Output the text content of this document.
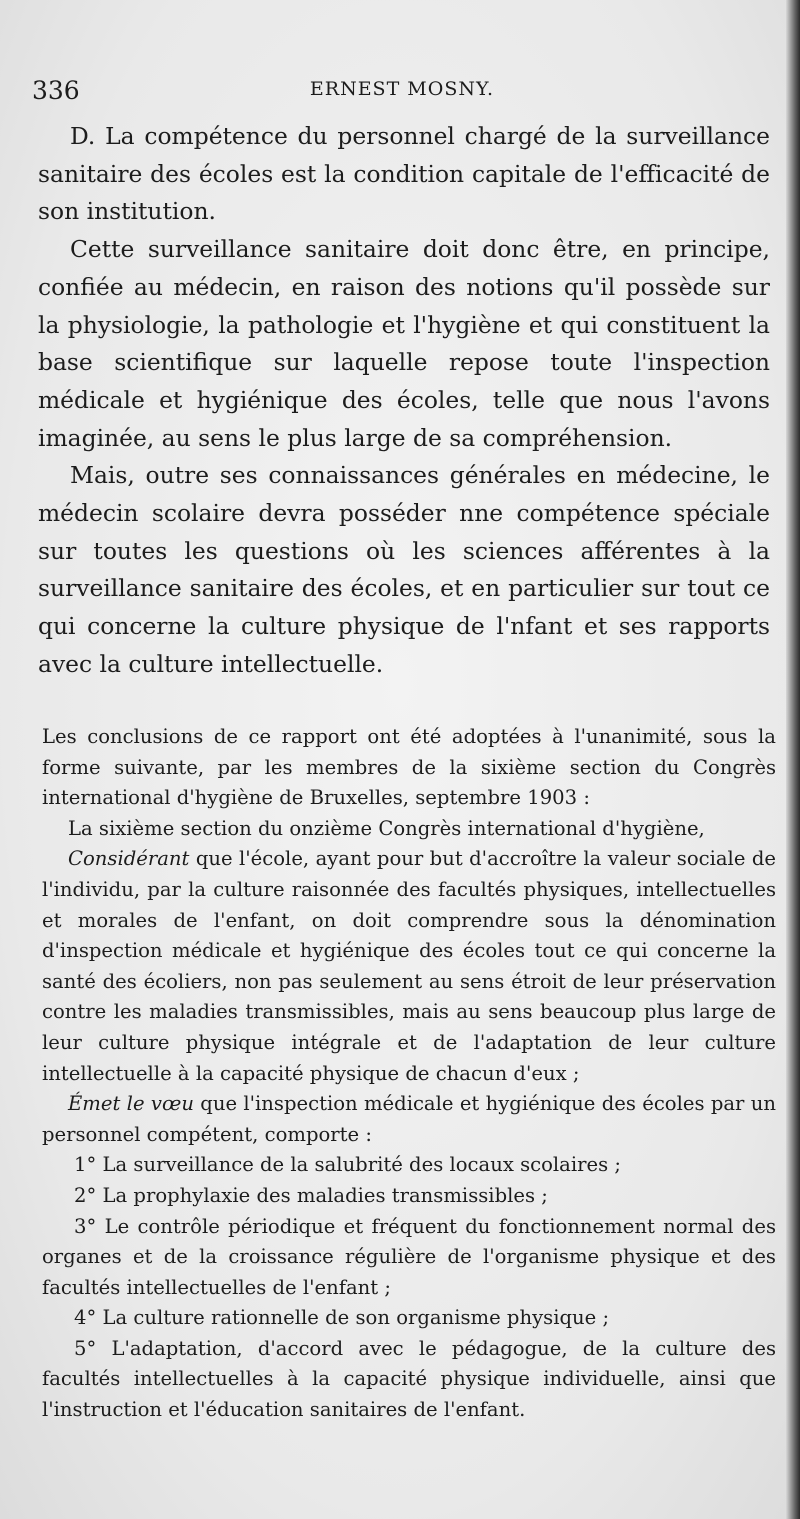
336	ERNEST MOSNY.

D. La compétence du personnel chargé de la surveillance sanitaire des écoles est la condition capitale de l'efficacité de son institution.

Cette surveillance sanitaire doit donc être, en principe, confiée au médecin, en raison des notions qu'il possède sur la physiologie, la pathologie et l'hygiène et qui constituent la base scientifique sur laquelle repose toute l'inspection médicale et hygiénique des écoles, telle que nous l'avons imaginée, au sens le plus large de sa compréhension.

Mais, outre ses connaissances générales en médecine, le médecin scolaire devra posséder nne compétence spéciale sur toutes les questions où les sciences afférentes à la surveillance sanitaire des écoles, et en particulier sur tout ce qui concerne la culture physique de l'nfant et ses rapports avec la culture intellectuelle.

Les conclusions de ce rapport ont été adoptées à l'unanimité, sous la forme suivante, par les membres de la sixième section du Congrès international d'hygiène de Bruxelles, septembre 1903 :

La sixième section du onzième Congrès international d'hygiène,

Considérant que l'école, ayant pour but d'accroître la valeur sociale de l'individu, par la culture raisonnée des facultés physiques, intellectuelles et morales de l'enfant, on doit comprendre sous la dénomination d'inspection médicale et hygiénique des écoles tout ce qui concerne la santé des écoliers, non pas seulement au sens étroit de leur préservation contre les maladies transmissibles, mais au sens beaucoup plus large de leur culture physique intégrale et de l'adaptation de leur culture intellectuelle à la capacité physique de chacun d'eux ;

Émet le vœu que l'inspection médicale et hygiénique des écoles par un personnel compétent, comporte :

1° La surveillance de la salubrité des locaux scolaires ;

2° La prophylaxie des maladies transmissibles ;

3° Le contrôle périodique et fréquent du fonctionnement normal des organes et de la croissance régulière de l'organisme physique et des facultés intellectuelles de l'enfant ;

4° La culture rationnelle de son organisme physique ;

5° L'adaptation, d'accord avec le pédagogue, de la culture des facultés intellectuelles à la capacité physique individuelle, ainsi que l'instruction et l'éducation sanitaires de l'enfant.
